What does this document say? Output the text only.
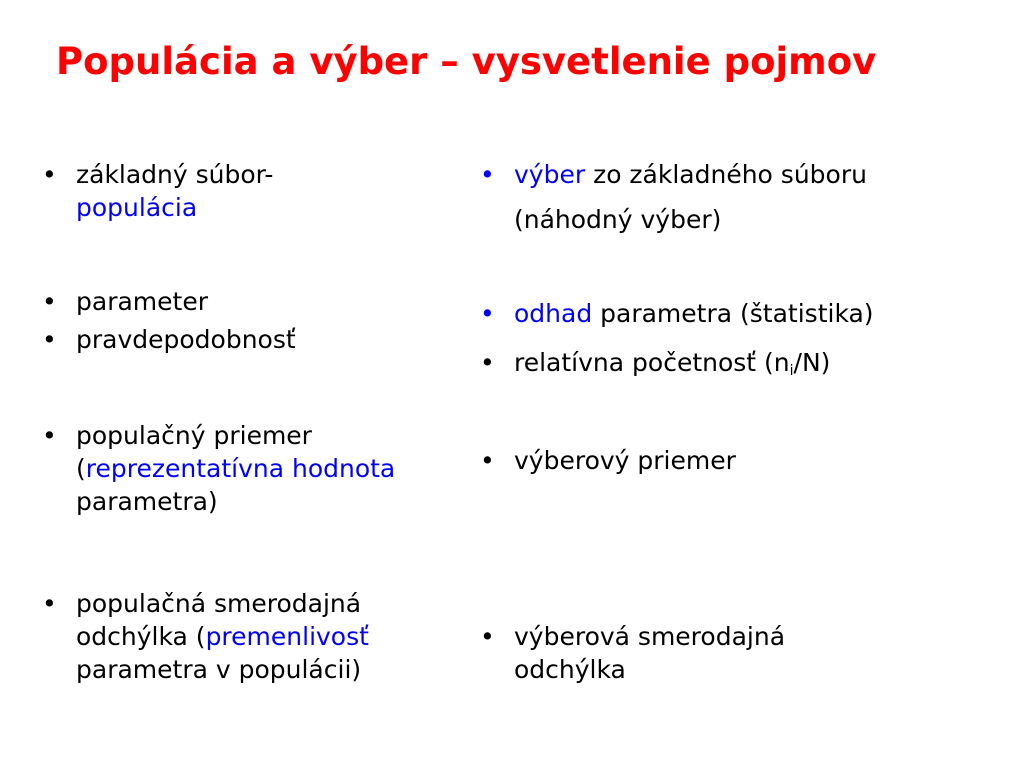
Populácia a výber – vysvetlenie pojmov
• základný súbor-
populácia
• parameter
• pravdepodobnosť
• populačný priemer (reprezentatívna hodnota parametra)
• populačná smerodajná odchýlka (premenlivosť parametra v populácii)
• výber zo základného súboru
(náhodný výber)
• odhad parametra (štatistika)
• relatívna početnosť $(n_i/N)$
• výberový priemer
• výberová smerodajná odchýlka
